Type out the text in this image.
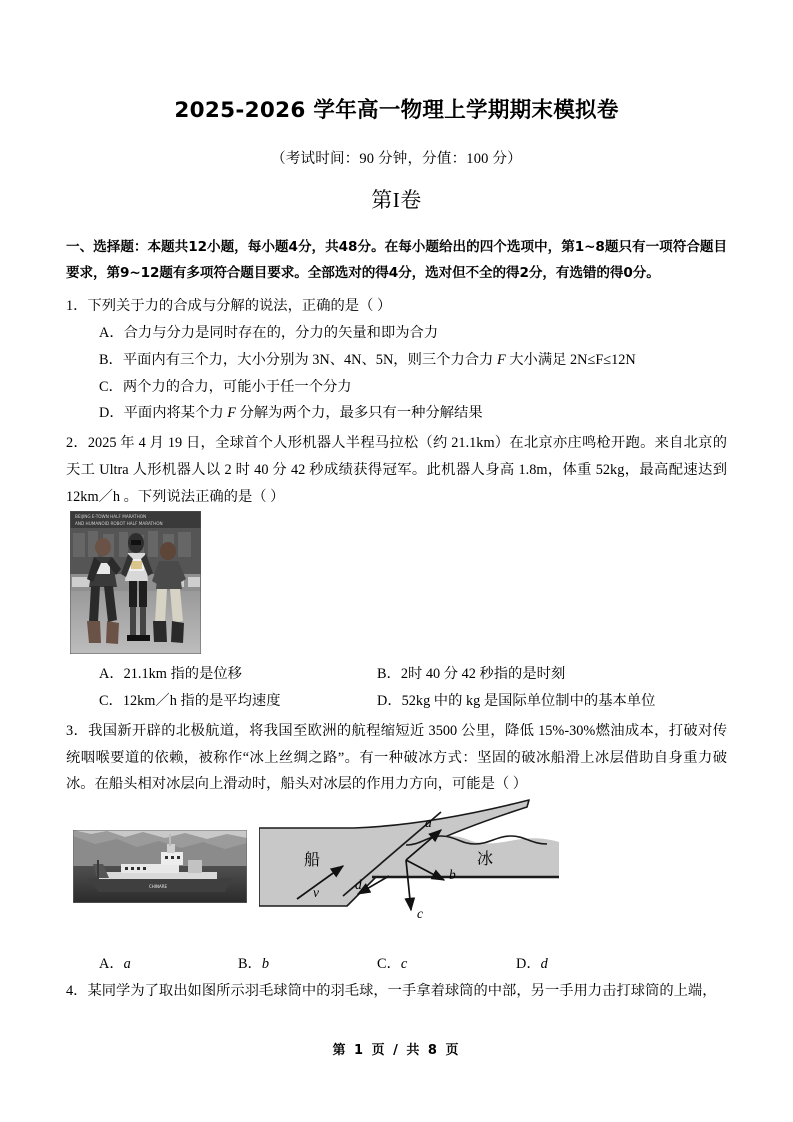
2025-2026 学年高一物理上学期期末模拟卷
（考试时间：90 分钟，分值：100 分）
第I卷

一、选择题：本题共12小题，每小题4分，共48分。在每小题给出的四个选项中，第1~8题只有一项符合题目要求，第9~12题有多项符合题目要求。全部选对的得4分，选对但不全的得2分，有选错的得0分。

1．下列关于力的合成与分解的说法，正确的是（ ）

A．合力与分力是同时存在的，分力的矢量和即为合力

B．平面内有三个力，大小分别为 3N、4N、5N，则三个力合力 F 大小满足 2N≤F≤12N

C．两个力的合力，可能小于任一个分力

D．平面内将某个力 F 分解为两个力，最多只有一种分解结果

2．2025 年 4 月 19 日，全球首个人形机器人半程马拉松（约 21.1km）在北京亦庄鸣枪开跑。来自北京的天工 Ultra 人形机器人以 2 时 40 分 42 秒成绩获得冠军。此机器人身高 1.8m，体重 52kg，最高配速达到 12km／h 。下列说法正确的是（ ）

BEIJING E-TOWN HALF MARATHON
AND HUMANOID ROBOT HALF MARATHON
A．21.1km 指的是位移	B．2时 40 分 42 秒指的是时刻
C．12km／h 指的是平均速度	D．52kg 中的 kg 是国际单位制中的基本单位

3．我国新开辟的北极航道，将我国至欧洲的航程缩短近 3500 公里，降低 15%-30%燃油成本，打破对传统咽喉要道的依赖，被称作“冰上丝绸之路”。有一种破冰方式：坚固的破冰船滑上冰层借助自身重力破冰。在船头相对冰层向上滑动时，船头对冰层的作用力方向，可能是（ ）

CHINARE
a
b
c
d
v
船	冰
A．a	B．b	C．c	D．d

4．某同学为了取出如图所示羽毛球筒中的羽毛球，一手拿着球筒的中部，另一手用力击打球筒的上端，

第 1 页 / 共 8 页
